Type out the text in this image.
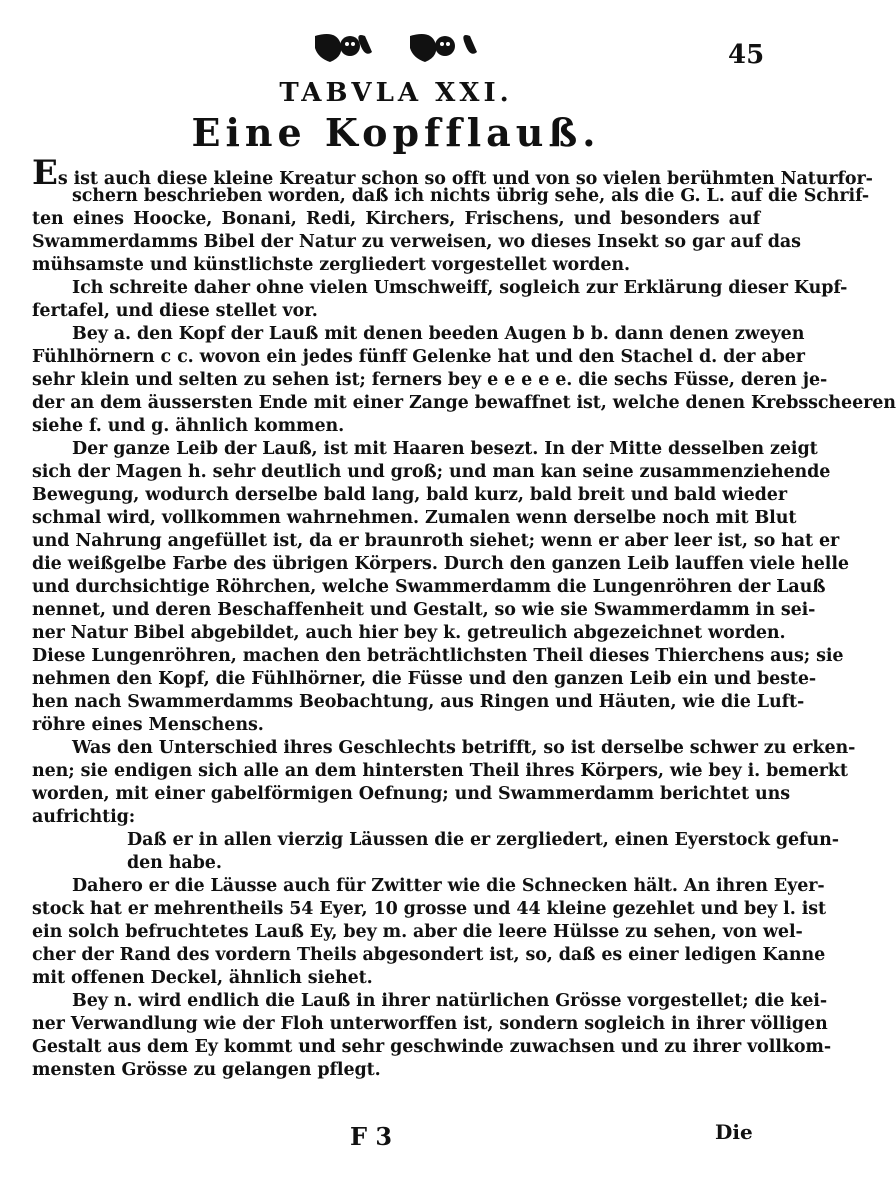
45
TABVLA XXI.
Eine Kopfflauß.
Es ist auch diese kleine Kreatur schon so offt und von so vielen berühmten Naturfor-
schern beschrieben worden, daß ich nichts übrig sehe, als die G. L. auf die Schrif-
ten eines Hoocke, Bonani, Redi, Kirchers, Frischens, und besonders auf
Swammerdamms Bibel der Natur zu verweisen, wo dieses Insekt so gar auf das
mühsamste und künstlichste zergliedert vorgestellet worden.
Ich schreite daher ohne vielen Umschweiff, sogleich zur Erklärung dieser Kupf-
fertafel, und diese stellet vor.
Bey a. den Kopf der Lauß mit denen beeden Augen b b. dann denen zweyen
Fühlhörnern c c. wovon ein jedes fünff Gelenke hat und den Stachel d. der aber
sehr klein und selten zu sehen ist; ferners bey e e e e e. die sechs Füsse, deren je-
der an dem äussersten Ende mit einer Zange bewaffnet ist, welche denen Krebsscheeren
siehe f. und g. ähnlich kommen.
Der ganze Leib der Lauß, ist mit Haaren besezt. In der Mitte desselben zeigt
sich der Magen h. sehr deutlich und groß; und man kan seine zusammenziehende
Bewegung, wodurch derselbe bald lang, bald kurz, bald breit und bald wieder
schmal wird, vollkommen wahrnehmen. Zumalen wenn derselbe noch mit Blut
und Nahrung angefüllet ist, da er braunroth siehet; wenn er aber leer ist, so hat er
die weißgelbe Farbe des übrigen Körpers. Durch den ganzen Leib lauffen viele helle
und durchsichtige Röhrchen, welche Swammerdamm die Lungenröhren der Lauß
nennet, und deren Beschaffenheit und Gestalt, so wie sie Swammerdamm in sei-
ner Natur Bibel abgebildet, auch hier bey k. getreulich abgezeichnet worden.
Diese Lungenröhren, machen den beträchtlichsten Theil dieses Thierchens aus; sie
nehmen den Kopf, die Fühlhörner, die Füsse und den ganzen Leib ein und beste-
hen nach Swammerdamms Beobachtung, aus Ringen und Häuten, wie die Luft-
röhre eines Menschens.
Was den Unterschied ihres Geschlechts betrifft, so ist derselbe schwer zu erken-
nen; sie endigen sich alle an dem hintersten Theil ihres Körpers, wie bey i. bemerkt
worden, mit einer gabelförmigen Oefnung; und Swammerdamm berichtet uns
aufrichtig:
Daß er in allen vierzig Läussen die er zergliedert, einen Eyerstock gefun-
den habe.
Dahero er die Läusse auch für Zwitter wie die Schnecken hält. An ihren Eyer-
stock hat er mehrentheils 54 Eyer, 10 grosse und 44 kleine gezehlet und bey l. ist
ein solch befruchtetes Lauß Ey, bey m. aber die leere Hülsse zu sehen, von wel-
cher der Rand des vordern Theils abgesondert ist, so, daß es einer ledigen Kanne
mit offenen Deckel, ähnlich siehet.
Bey n. wird endlich die Lauß in ihrer natürlichen Grösse vorgestellet; die kei-
ner Verwandlung wie der Floh unterworffen ist, sondern sogleich in ihrer völligen
Gestalt aus dem Ey kommt und sehr geschwinde zuwachsen und zu ihrer vollkom-
mensten Grösse zu gelangen pflegt.
F 3	Die
